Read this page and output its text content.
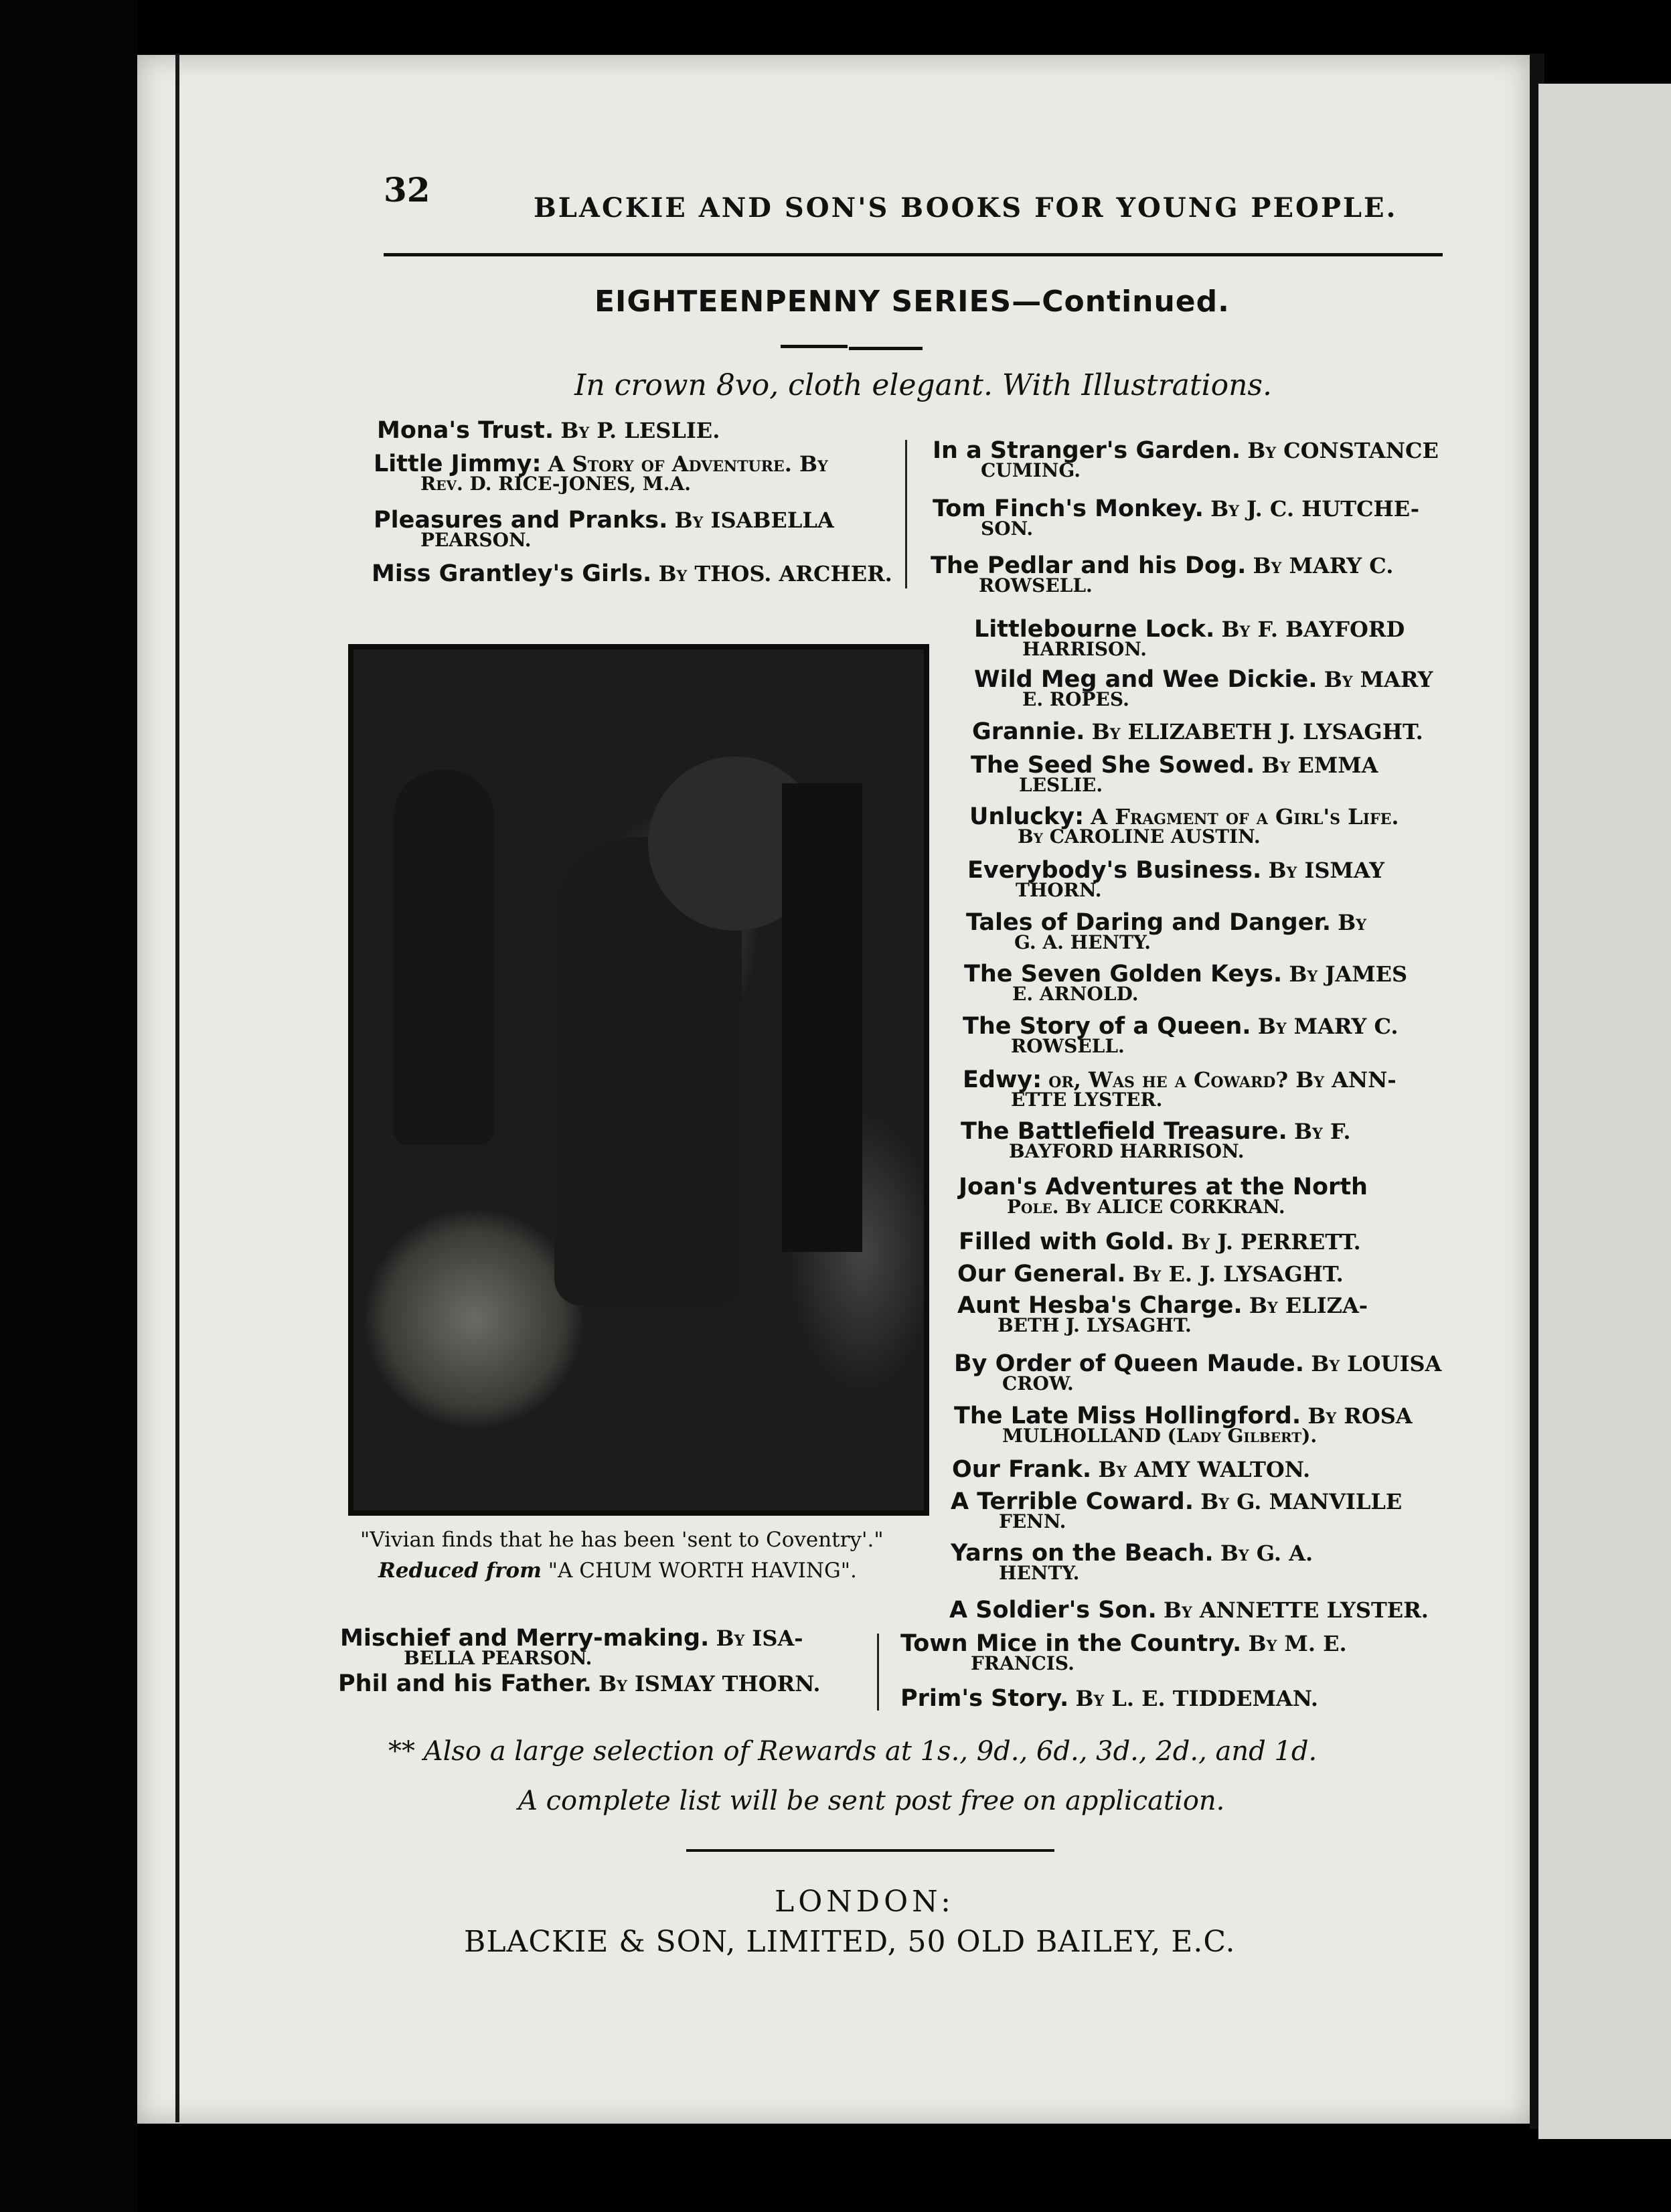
32	BLACKIE AND SON'S BOOKS FOR YOUNG PEOPLE.
EIGHTEENPENNY SERIES—Continued.
In crown 8vo, cloth elegant. With Illustrations.
Mona's Trust. By P. LESLIE.
Little Jimmy: A Story of Adventure. By
Rev. D. RICE-JONES, M.A.
Pleasures and Pranks. By ISABELLA
PEARSON.
Miss Grantley's Girls. By THOS. ARCHER.
In a Stranger's Garden. By CONSTANCE
CUMING.
Tom Finch's Monkey. By J. C. HUTCHE-
SON.
The Pedlar and his Dog. By MARY C.
ROWSELL.
Littlebourne Lock. By F. BAYFORD
HARRISON.
Wild Meg and Wee Dickie. By MARY
E. ROPES.
Grannie. By ELIZABETH J. LYSAGHT.
The Seed She Sowed. By EMMA
LESLIE.
Unlucky: A Fragment of a Girl's Life.
By CAROLINE AUSTIN.
Everybody's Business. By ISMAY
THORN.
Tales of Daring and Danger. By
G. A. HENTY.
The Seven Golden Keys. By JAMES
E. ARNOLD.
The Story of a Queen. By MARY C.
ROWSELL.
Edwy: or, Was he a Coward? By ANN-
ETTE LYSTER.
The Battlefield Treasure. By F.
BAYFORD HARRISON.
Joan's Adventures at the North
Pole. By ALICE CORKRAN.
Filled with Gold. By J. PERRETT.
Our General. By E. J. LYSAGHT.
Aunt Hesba's Charge. By ELIZA-
BETH J. LYSAGHT.
By Order of Queen Maude. By LOUISA
CROW.
The Late Miss Hollingford. By ROSA
MULHOLLAND (Lady Gilbert).
Our Frank. By AMY WALTON.
A Terrible Coward. By G. MANVILLE
FENN.
Yarns on the Beach. By G. A.
HENTY.
A Soldier's Son. By ANNETTE LYSTER.
Mischief and Merry-making. By ISA-
BELLA PEARSON.
Phil and his Father. By ISMAY THORN.
Town Mice in the Country. By M. E.
FRANCIS.
Prim's Story. By L. E. TIDDEMAN.
"Vivian finds that he has been 'sent to Coventry'."
Reduced from "A CHUM WORTH HAVING".
** Also a large selection of Rewards at 1s., 9d., 6d., 3d., 2d., and 1d.
A complete list will be sent post free on application.
LONDON:
BLACKIE & SON, LIMITED, 50 OLD BAILEY, E.C.
